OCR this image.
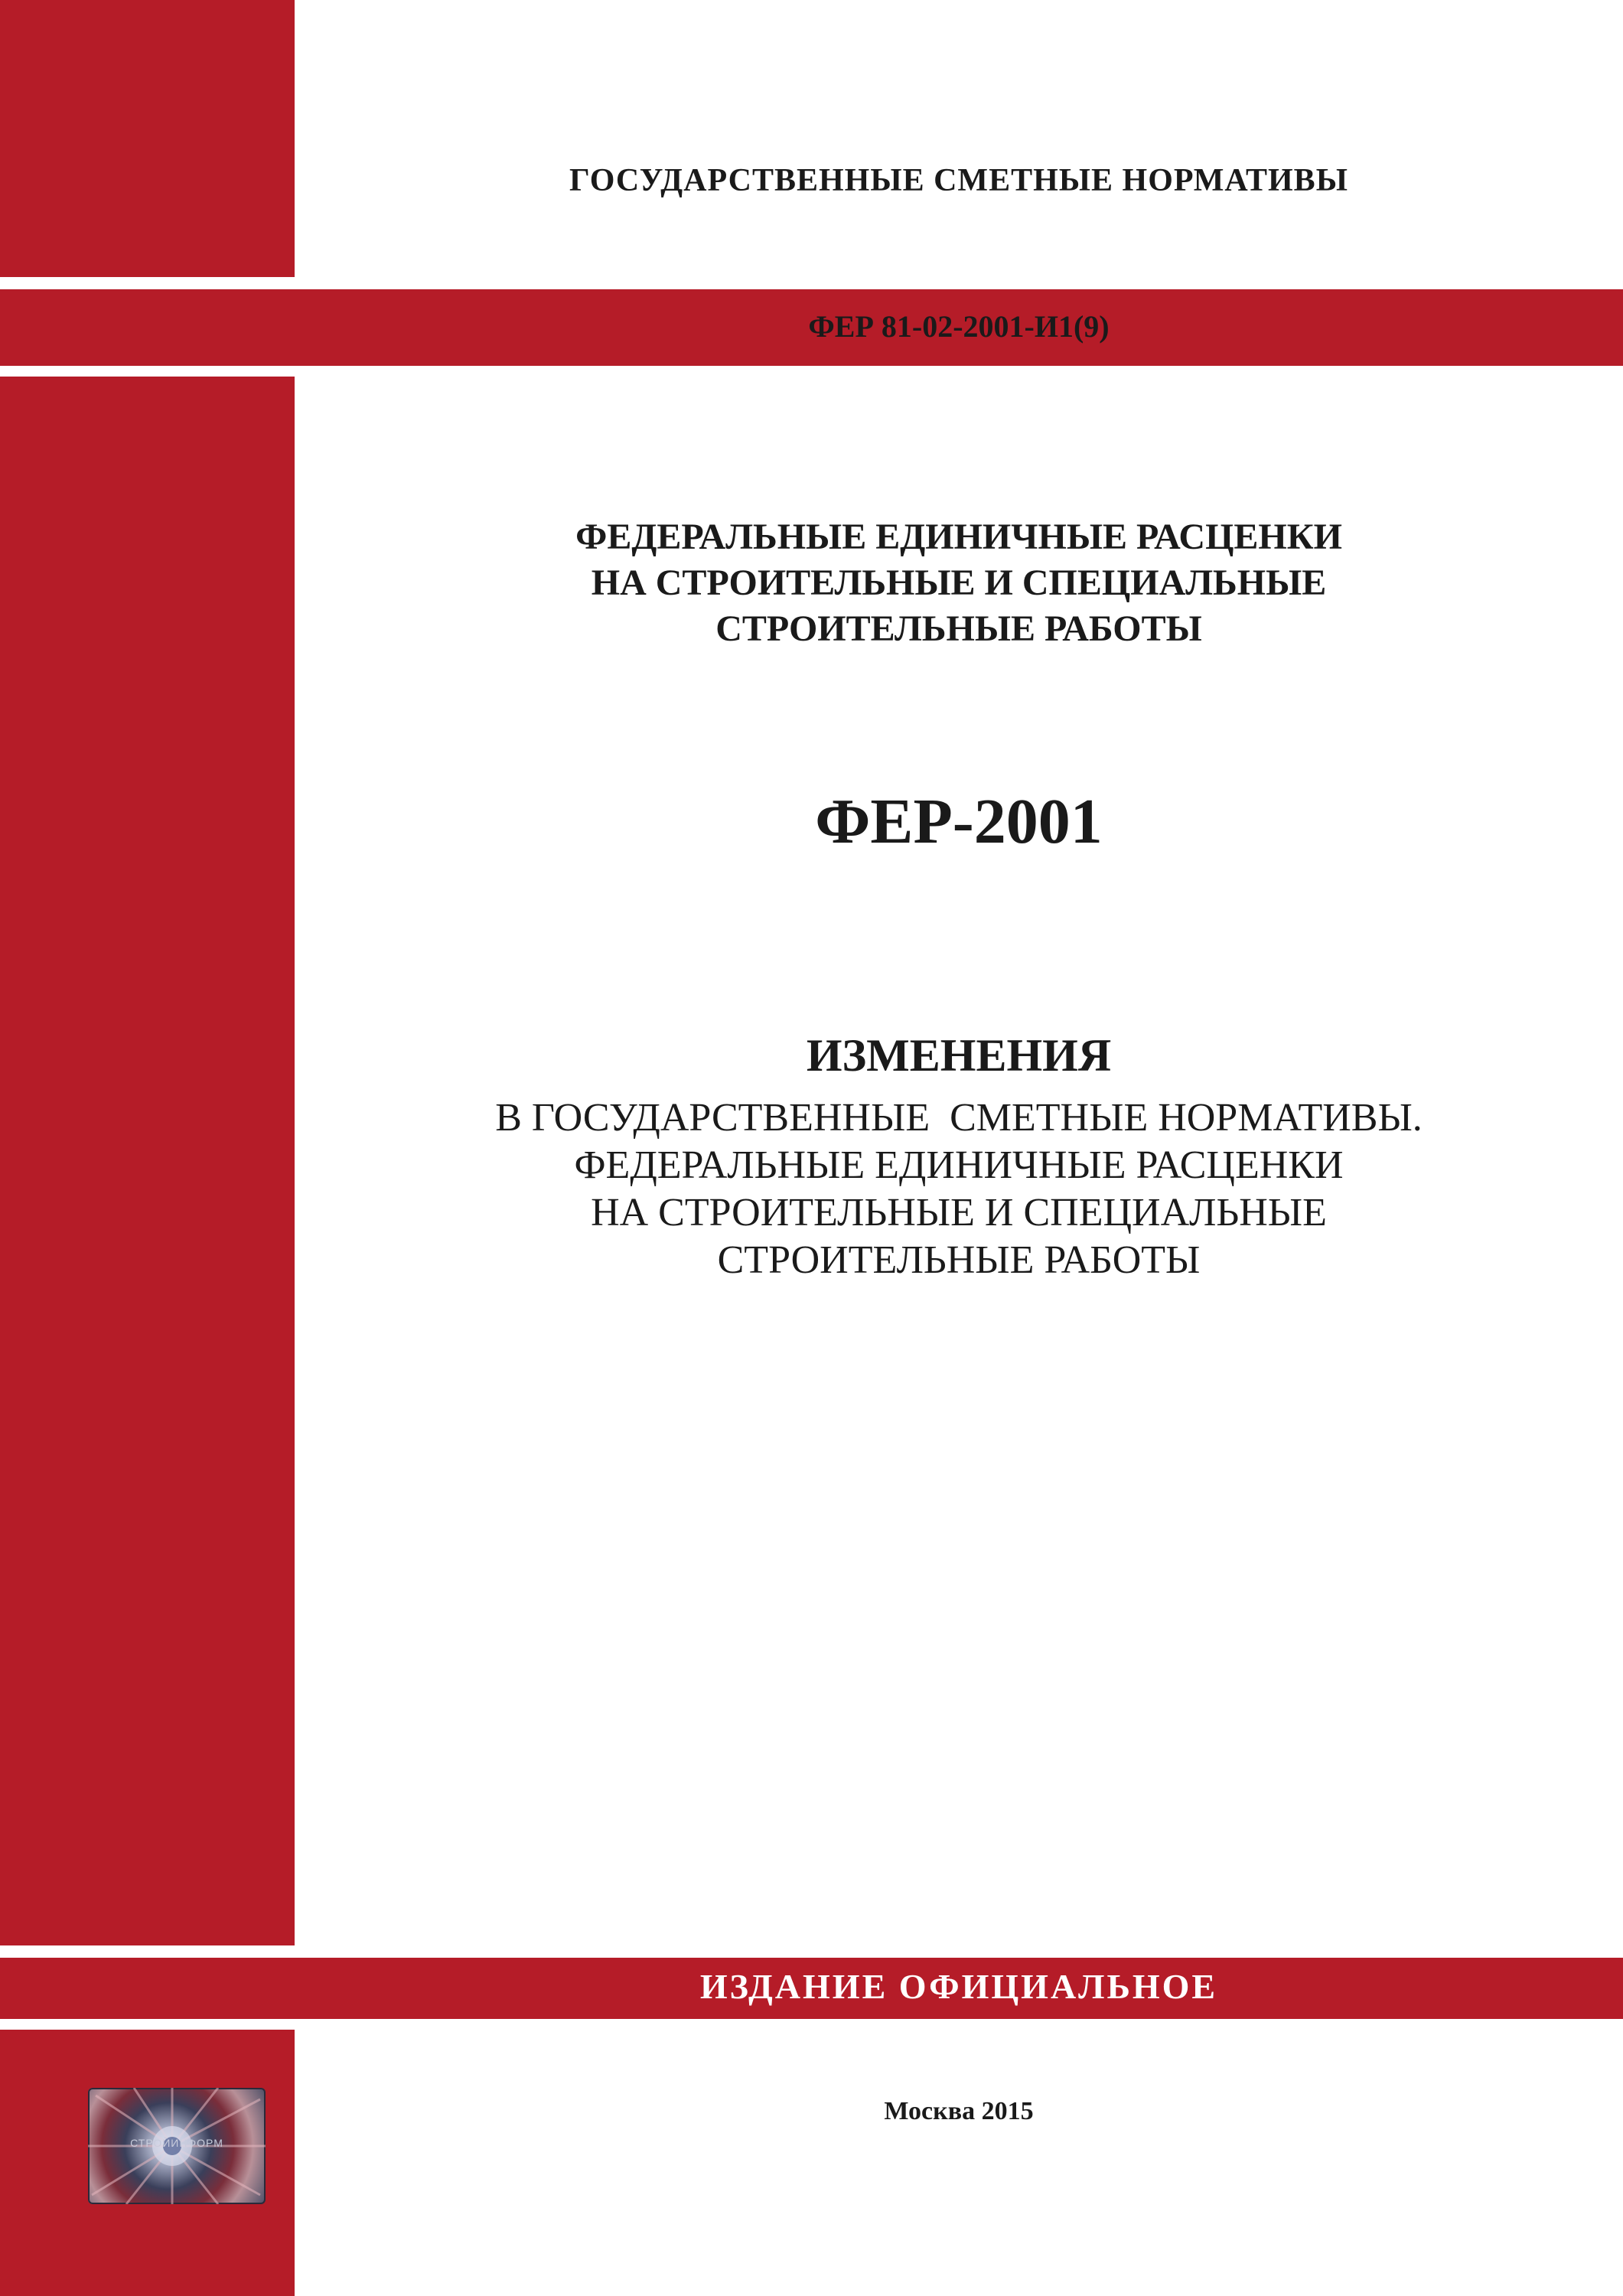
ГОСУДАРСТВЕННЫЕ СМЕТНЫЕ НОРМАТИВЫ
ФЕР 81-02-2001-И1(9)
ФЕДЕРАЛЬНЫЕ ЕДИНИЧНЫЕ РАСЦЕНКИ
НА СТРОИТЕЛЬНЫЕ И СПЕЦИАЛЬНЫЕ
СТРОИТЕЛЬНЫЕ РАБОТЫ
ФЕР-2001
ИЗМЕНЕНИЯ
В ГОСУДАРСТВЕННЫЕ  СМЕТНЫЕ НОРМАТИВЫ.
ФЕДЕРАЛЬНЫЕ ЕДИНИЧНЫЕ РАСЦЕНКИ
НА СТРОИТЕЛЬНЫЕ И СПЕЦИАЛЬНЫЕ
СТРОИТЕЛЬНЫЕ РАБОТЫ
ИЗДАНИЕ ОФИЦИАЛЬНОЕ
Москва 2015
СТРОЙИНФОРМ
